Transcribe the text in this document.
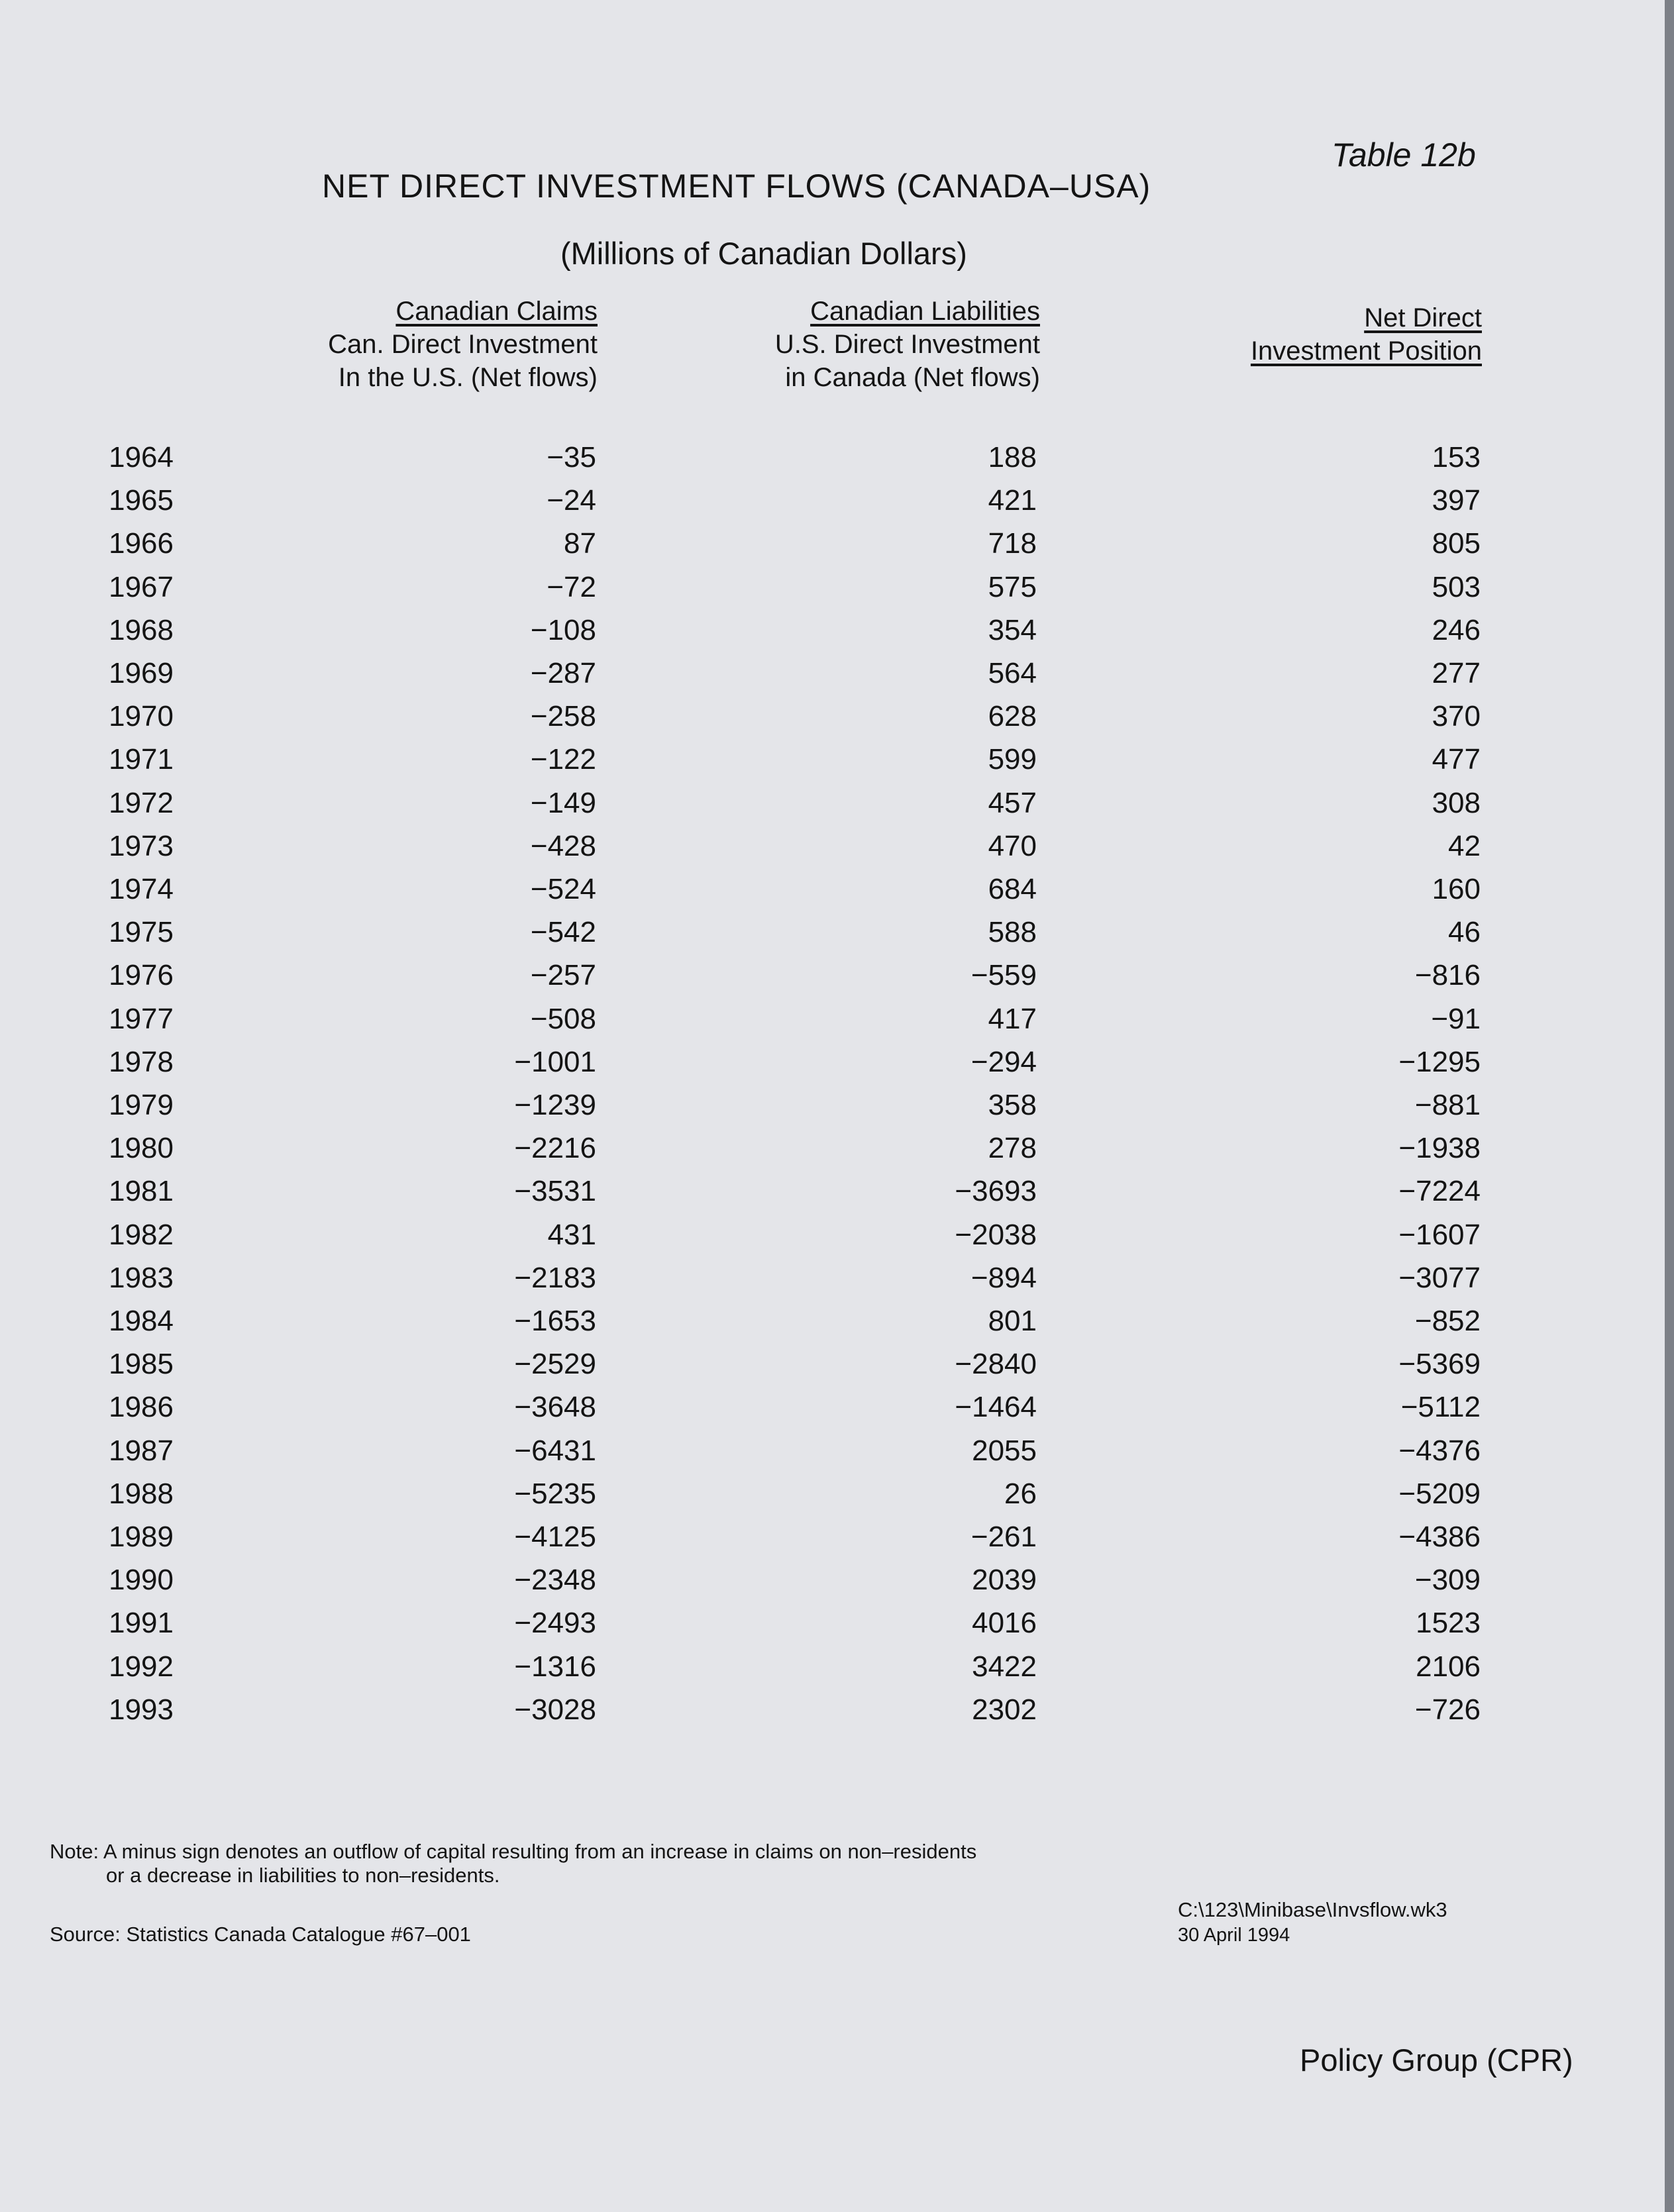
Table 12b
NET DIRECT INVESTMENT FLOWS (CANADA–USA)
(Millions of Canadian Dollars)
Canadian Claims
Can. Direct Investment
In the U.S. (Net flows)
Canadian Liabilities
U.S. Direct Investment
in Canada (Net flows)
Net Direct
Investment Position
1964	−35	188	153
1965	−24	421	397
1966	87	718	805
1967	−72	575	503
1968	−108	354	246
1969	−287	564	277
1970	−258	628	370
1971	−122	599	477
1972	−149	457	308
1973	−428	470	42
1974	−524	684	160
1975	−542	588	46
1976	−257	−559	−816
1977	−508	417	−91
1978	−1001	−294	−1295
1979	−1239	358	−881
1980	−2216	278	−1938
1981	−3531	−3693	−7224
1982	431	−2038	−1607
1983	−2183	−894	−3077
1984	−1653	801	−852
1985	−2529	−2840	−5369
1986	−3648	−1464	−5112
1987	−6431	2055	−4376
1988	−5235	26	−5209
1989	−4125	−261	−4386
1990	−2348	2039	−309
1991	−2493	4016	1523
1992	−1316	3422	2106
1993	−3028	2302	−726
Note: A minus sign denotes an outflow of capital resulting from an increase in claims on non–residents
or a decrease in liabilities to non–residents.
Source: Statistics Canada Catalogue #67–001
C:\123\Minibase\Invsflow.wk3
30 April 1994
Policy Group (CPR)
